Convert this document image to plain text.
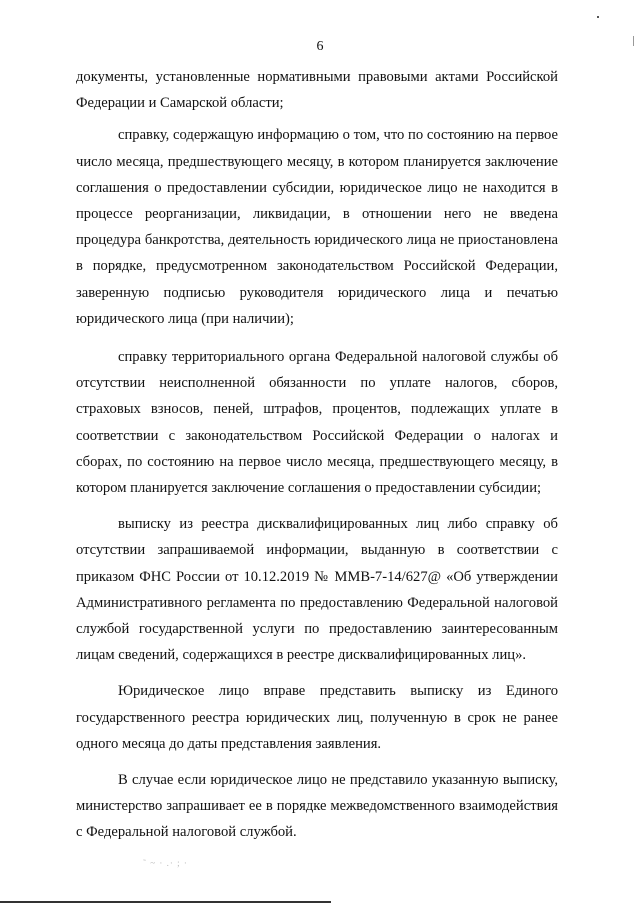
6

документы, установленные нормативными правовыми актами Российской Федерации и Самарской области;

справку, содержащую информацию о том, что по состоянию на первое число месяца, предшествующего месяцу, в котором планируется заключение соглашения о предоставлении субсидии, юридическое лицо не находится в процессе реорганизации, ликвидации, в отношении него не введена процедура банкротства, деятельность юридического лица не приостановлена в порядке, предусмотренном законодательством Российской Федерации, заверенную подписью руководителя юридического лица и печатью юридического лица (при наличии);

справку территориального органа Федеральной налоговой службы об отсутствии неисполненной обязанности по уплате налогов, сборов, страховых взносов, пеней, штрафов, процентов, подлежащих уплате в соответствии с законодательством Российской Федерации о налогах и сборах, по состоянию на первое число месяца, предшествующего месяцу, в котором планируется заключение соглашения о предоставлении субсидии;

выписку из реестра дисквалифицированных лиц либо справку об отсутствии запрашиваемой информации, выданную в соответствии с приказом ФНС России от 10.12.2019 № ММВ-7-14/627@ «Об утверждении Административного регламента по предоставлению Федеральной налоговой службой государственной услуги по предоставлению заинтересованным лицам сведений, содержащихся в реестре дисквалифицированных лиц».

Юридическое лицо вправе представить выписку из Единого государственного реестра юридических лиц, полученную в срок не ранее одного месяца до даты представления заявления.

В случае если юридическое лицо не представило указанную выписку, министерство запрашивает ее в порядке межведомственного взаимодействия с Федеральной налоговой службой.

˜ ~ · .· ; ·
